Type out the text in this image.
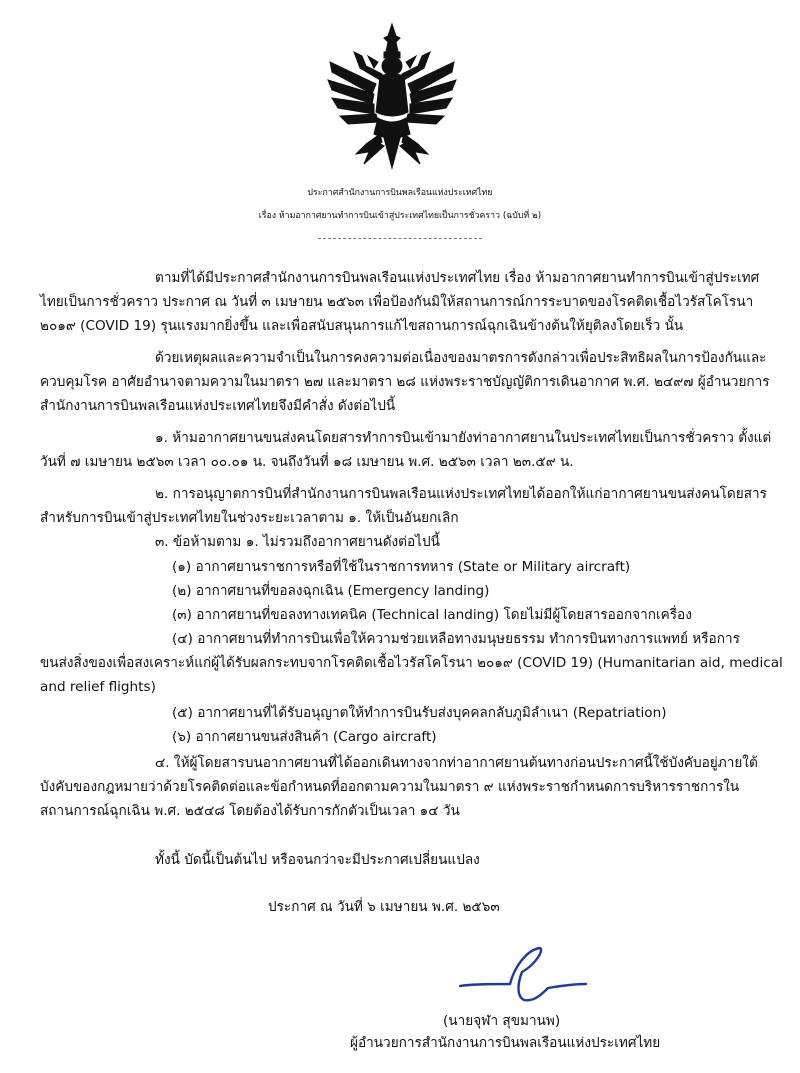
ประกาศสำนักงานการบินพลเรือนแห่งประเทศไทย
เรื่อง ห้ามอากาศยานทำการบินเข้าสู่ประเทศไทยเป็นการชั่วคราว (ฉบับที่ ๒)
ตามที่ได้มีประกาศสำนักงานการบินพลเรือนแห่งประเทศไทย เรื่อง ห้ามอากาศยานทำการบินเข้าสู่ประเทศ
ไทยเป็นการชั่วคราว ประกาศ ณ วันที่ ๓ เมษายน ๒๕๖๓ เพื่อป้องกันมิให้สถานการณ์การระบาดของโรคติดเชื้อไวรัสโคโรนา
๒๐๑๙ (COVID 19) รุนแรงมากยิ่งขึ้น และเพื่อสนับสนุนการแก้ไขสถานการณ์ฉุกเฉินข้างต้นให้ยุติลงโดยเร็ว นั้น
ด้วยเหตุผลและความจำเป็นในการคงความต่อเนื่องของมาตรการดังกล่าวเพื่อประสิทธิผลในการป้องกันและ
ควบคุมโรค อาศัยอำนาจตามความในมาตรา ๒๗ และมาตรา ๒๘ แห่งพระราชบัญญัติการเดินอากาศ พ.ศ. ๒๔๙๗ ผู้อำนวยการ
สำนักงานการบินพลเรือนแห่งประเทศไทยจึงมีคำสั่ง ดังต่อไปนี้
๑. ห้ามอากาศยานขนส่งคนโดยสารทำการบินเข้ามายังท่าอากาศยานในประเทศไทยเป็นการชั่วคราว ตั้งแต่
วันที่ ๗ เมษายน ๒๕๖๓ เวลา ๐๐.๐๑ น. จนถึงวันที่ ๑๘ เมษายน พ.ศ. ๒๕๖๓ เวลา ๒๓.๕๙ น.
๒. การอนุญาตการบินที่สำนักงานการบินพลเรือนแห่งประเทศไทยได้ออกให้แก่อากาศยานขนส่งคนโดยสาร
สำหรับการบินเข้าสู่ประเทศไทยในช่วงระยะเวลาตาม ๑. ให้เป็นอันยกเลิก
๓. ข้อห้ามตาม ๑. ไม่รวมถึงอากาศยานดังต่อไปนี้
(๑) อากาศยานราชการหรือที่ใช้ในราชการทหาร (State or Military aircraft)
(๒) อากาศยานที่ขอลงฉุกเฉิน (Emergency landing)
(๓) อากาศยานที่ขอลงทางเทคนิค (Technical landing) โดยไม่มีผู้โดยสารออกจากเครื่อง
(๔) อากาศยานที่ทำการบินเพื่อให้ความช่วยเหลือทางมนุษยธรรม ทำการบินทางการแพทย์ หรือการ
ขนส่งสิ่งของเพื่อสงเคราะห์แก่ผู้ได้รับผลกระทบจากโรคติดเชื้อไวรัสโคโรนา ๒๐๑๙ (COVID 19) (Humanitarian aid, medical
and relief flights)
(๕) อากาศยานที่ได้รับอนุญาตให้ทำการบินรับส่งบุคคลกลับภูมิลำเนา (Repatriation)
(๖) อากาศยานขนส่งสินค้า (Cargo aircraft)
๔. ให้ผู้โดยสารบนอากาศยานที่ได้ออกเดินทางจากท่าอากาศยานต้นทางก่อนประกาศนี้ใช้บังคับอยู่ภายใต้
บังคับของกฎหมายว่าด้วยโรคติดต่อและข้อกำหนดที่ออกตามความในมาตรา ๙ แห่งพระราชกำหนดการบริหารราชการใน
สถานการณ์ฉุกเฉิน พ.ศ. ๒๕๔๘ โดยต้องได้รับการกักตัวเป็นเวลา ๑๔ วัน
ทั้งนี้ บัดนี้เป็นต้นไป หรือจนกว่าจะมีประกาศเปลี่ยนแปลง
ประกาศ ณ วันที่ ๖ เมษายน พ.ศ. ๒๕๖๓
(นายจุฬา สุขมานพ)
ผู้อำนวยการสำนักงานการบินพลเรือนแห่งประเทศไทย
